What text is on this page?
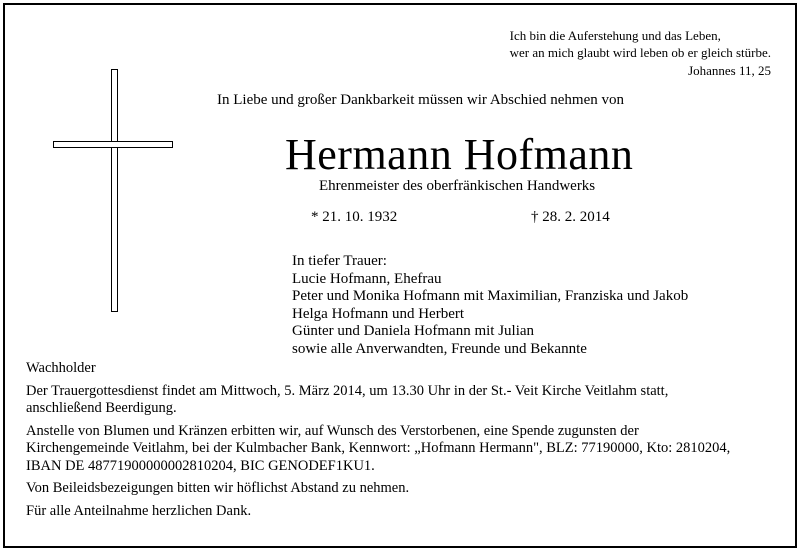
Ich bin die Auferstehung und das Leben,
wer an mich glaubt wird leben ob er gleich stürbe.
Johannes 11, 25
In Liebe und großer Dankbarkeit müssen wir Abschied nehmen von
Hermann Hofmann
Ehrenmeister des oberfränkischen Handwerks
* 21. 10. 1932	† 28. 2. 2014
In tiefer Trauer:
Lucie Hofmann, Ehefrau
Peter und Monika Hofmann mit Maximilian, Franziska und Jakob
Helga Hofmann und Herbert
Günter und Daniela Hofmann mit Julian
sowie alle Anverwandten, Freunde und Bekannte
Wachholder
Der Trauergottesdienst findet am Mittwoch, 5. März 2014, um 13.30 Uhr in der St.- Veit Kirche Veitlahm statt,
anschließend Beerdigung.
Anstelle von Blumen und Kränzen erbitten wir, auf Wunsch des Verstorbenen, eine Spende zugunsten der
Kirchengemeinde Veitlahm, bei der Kulmbacher Bank, Kennwort: „Hofmann Hermann", BLZ: 77190000, Kto: 2810204,
IBAN DE 48771900000002810204, BIC GENODEF1KU1.
Von Beileidsbezeigungen bitten wir höflichst Abstand zu nehmen.
Für alle Anteilnahme herzlichen Dank.
